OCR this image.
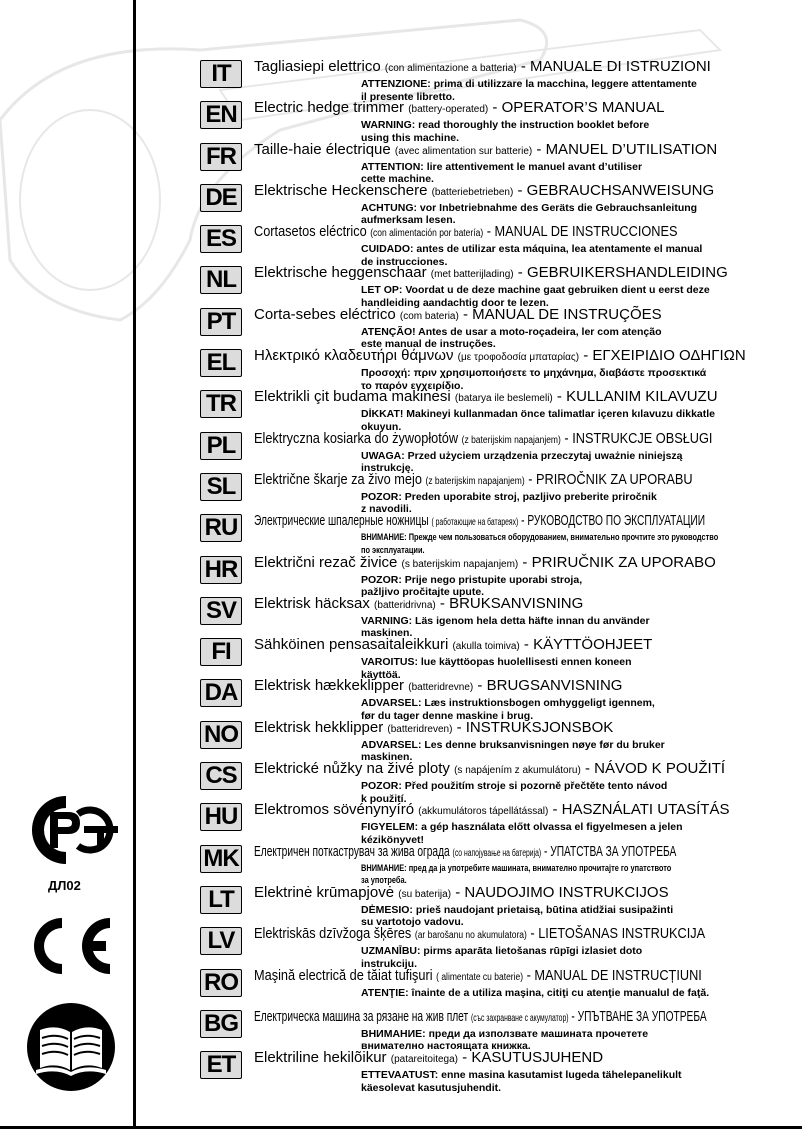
IT	Tagliasiepi elettrico (con alimentazione a batteria) - MANUALE DI ISTRUZIONI
ATTENZIONE: prima di utilizzare la macchina, leggere attentamente
il presente libretto.
EN	Electric hedge trimmer (battery-operated) - OPERATOR’S MANUAL
WARNING: read thoroughly the instruction booklet before
using this machine.
FR	Taille-haie électrique (avec alimentation sur batterie) - MANUEL D’UTILISATION
ATTENTION: lire attentivement le manuel avant d’utiliser
cette machine.
DE	Elektrische Heckenschere (batteriebetrieben) - GEBRAUCHSANWEISUNG
ACHTUNG: vor Inbetriebnahme des Geräts die Gebrauchsanleitung
aufmerksam lesen.
ES	Cortasetos eléctrico (con alimentación por batería) - MANUAL DE INSTRUCCIONES
CUIDADO: antes de utilizar esta máquina, lea atentamente el manual
de instrucciones.
NL	Elektrische heggenschaar (met batterijlading) - GEBRUIKERSHANDLEIDING
LET OP: Voordat u de deze machine gaat gebruiken dient u eerst deze
handleiding aandachtig door te lezen.
PT	Corta-sebes eléctrico (com bateria) - MANUAL DE INSTRUÇÕES
ATENÇÃO! Antes de usar a moto-roçadeira, ler com atenção
este manual de instruções.
EL	Ηλεκτρικό κλαδευτήρι θάμνων (με τροφοδοσία μπαταρίας) - ΕΓΧΕΙΡΙΔΙΟ ΟΔΗΓΙΩΝ
Προσοχή: πριν χρησιμοποιήσετε το μηχάνημα, διαβάστε προσεκτικά
το παρόν εγχειρίδιο.
TR	Elektrikli çit budama makinesi (batarya ile beslemeli) - KULLANIM KILAVUZU
DİKKAT! Makineyi kullanmadan önce talimatlar içeren kılavuzu dikkatle
okuyun.
PL	Elektryczna kosiarka do żywopłotów (z baterijskim napajanjem) - INSTRUKCJE OBSŁUGI
UWAGA: Przed użyciem urządzenia przeczytaj uważnie niniejszą
instrukcję.
SL	Električne škarje za živo mejo (z baterijskim napajanjem) - PRIROČNIK ZA UPORABU
POZOR: Preden uporabite stroj, pazljivo preberite priročnik
z navodili.
RU	Электрические шпалерные ножницы ( работающие на батареях) - РУКОВОДСТВО ПО ЭКСПЛУАТАЦИИ
ВНИМАНИЕ: Прежде чем пользоваться оборудованием, внимательно прочтите это руководство
по эксплуатации.
HR	Električni rezač živice (s baterijskim napajanjem) - PRIRUČNIK ZA UPORABO
POZOR: Prije nego pristupite uporabi stroja,
pažljivo pročitajte upute.
SV	Elektrisk häcksax (batteridrivna) - BRUKSANVISNING
VARNING: Läs igenom hela detta häfte innan du använder
maskinen.
FI	Sähköinen pensasaitaleikkuri (akulla toimiva) - KÄYTTÖOHJEET
VAROITUS: lue käyttöopas huolellisesti ennen koneen
käyttöä.
DA	Elektrisk hækkeklipper (batteridrevne) - BRUGSANVISNING
ADVARSEL: Læs instruktionsbogen omhyggeligt igennem,
før du tager denne maskine i brug.
NO Elektrisk hekklipper (batteridreven) - INSTRUKSJONSBOK
ADVARSEL: Les denne bruksanvisningen nøye før du bruker
maskinen.
CS	Elektrické nůžky na živé ploty (s napájením z akumulátoru) - NÁVOD K POUŽITÍ
POZOR: Před použitím stroje si pozorně přečtěte tento návod
k použití.
HU	Elektromos sövénynyíró (akkumulátoros tápellátással) - HASZNÁLATI UTASÍTÁS
FIGYELEM: a gép használata előtt olvassa el figyelmesen a jelen
kézikönyvet!
MK Електричен поткаструвач за жива ограда (со напојување на батерија) - УПАТСТВА ЗА УПОТРЕБА
ВНИМАНИЕ: пред да ја употребите машината, внимателно прочитајте го упатството
за употреба.
LT	Elektrinė krūmapjovė (su baterija) - NAUDOJIMO INSTRUKCIJOS
DĖMESIO: prieš naudojant prietaisą, būtina atidžiai susipažinti
su vartotojo vadovu.
LV	Elektriskās dzīvžoga šķēres (ar barošanu no akumulatora) - LIETOŠANAS INSTRUKCIJA
UZMANĪBU: pirms aparāta lietošanas rūpīgi izlasiet doto
instrukciju.
RO Maşină electrică de tăiat tufişuri ( alimentate cu baterie) - MANUAL DE INSTRUCȚIUNI
ATENŢIE: înainte de a utiliza maşina, citiţi cu atenţie manualul de faţă.
BG Електрическа машина за рязане на жив плет (със захранване с акумулатор) - УПЪТВАНЕ ЗА УПОТРЕБА
ВНИМАНИЕ: преди да използвате машината прочетете
внимателно настоящата книжка.
ET	Elektriline hekilõikur (patareitoitega) - KASUTUSJUHEND
ETTEVAATUST: enne masina kasutamist lugeda tähelepanelikult
käesolevat kasutusjuhendit.
ДЛ02
